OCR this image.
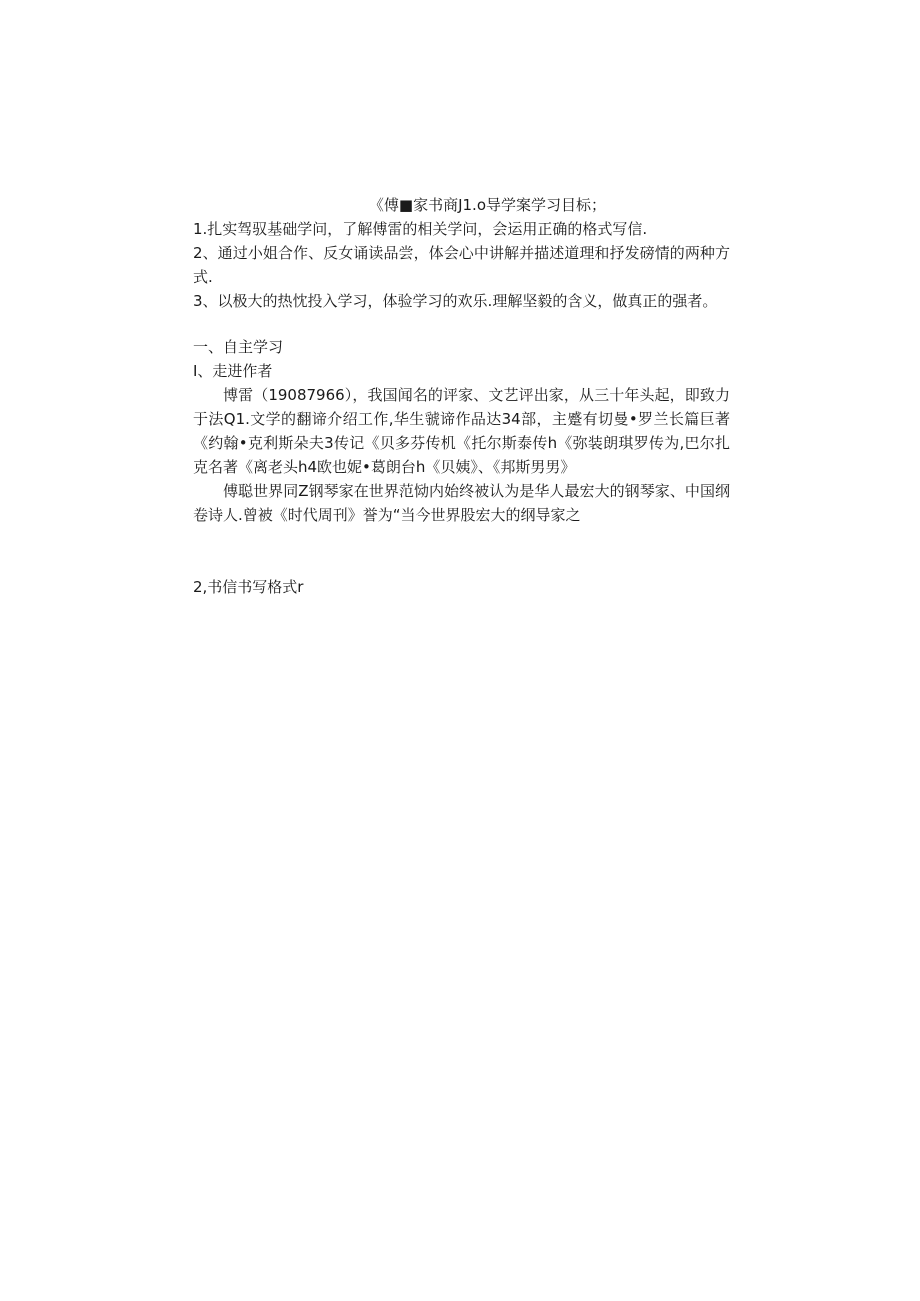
《傅■家书商J1.o导学案学习目标；

1.扎实驾驭基础学问，了解傅雷的相关学问，会运用正确的格式写信.

2、通过小姐合作、反女诵读品尝，体会心中讲解并描述道理和抒发磅情的两种方式.

3、以极大的热忱投入学习，体验学习的欢乐.理解坚毅的含义，做真正的强者。

一、自主学习

I、走进作者

博雷（19087966），我国闻名的评家、文艺评出家，从三十年头起，即致力于法Q1.文学的翻谛介绍工作,华生虢谛作品达34部，主蹙有切曼•罗兰长篇巨著《约翰•克利斯朵夫3传记《贝多芬传机《托尔斯泰传h《弥装朗琪罗传为,巴尔扎克名著《离老头h4欧也妮•葛朗台h《贝姨》、《邦斯男男》

傅聪世界同Z钢琴家在世界范恸内始终被认为是华人最宏大的钢琴家、中国纲卷诗人.曾被《时代周刊》誉为“当今世界股宏大的纲导家之

2,书信书写格式r
